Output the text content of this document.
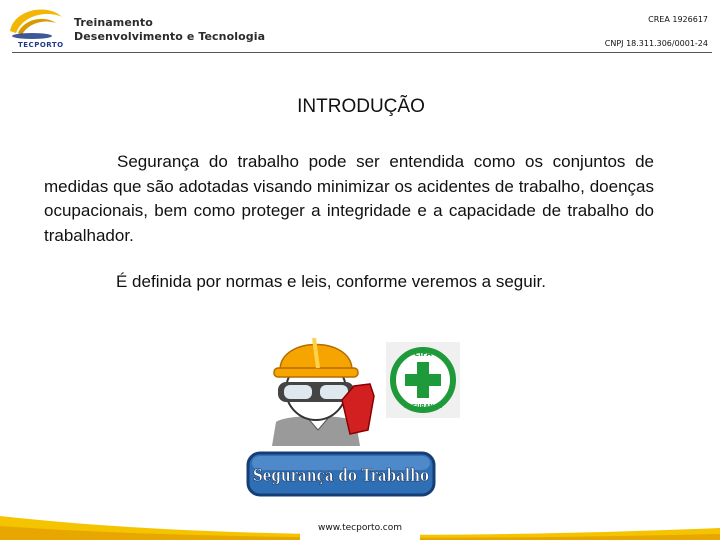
TECPORTO
Treinamento
Desenvolvimento e Tecnologia
CREA 1926617
CNPJ 18.311.306/0001-24
INTRODUÇÃO
Segurança do trabalho pode ser entendida como os conjuntos de medidas que são adotadas visando minimizar os acidentes de trabalho, doenças ocupacionais, bem como proteger a integridade e a capacidade de trabalho do trabalhador.
É definida por normas e leis, conforme veremos a seguir.
CIPA
SEGURANÇA
Segurança do Trabalho
www.tecporto.com
